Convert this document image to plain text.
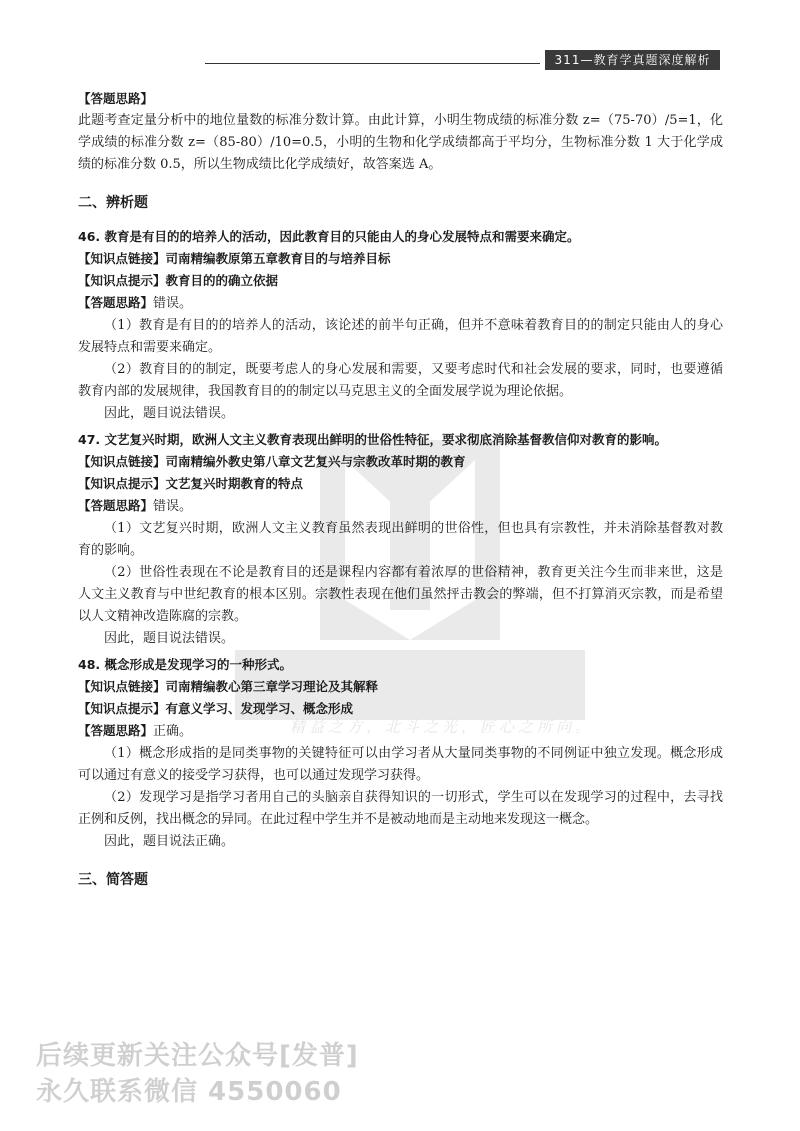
311—教育学真题深度解析
精益之方，北斗之光，匠心之所向。
【答题思路】

此题考查定量分析中的地位量数的标准分数计算。由此计算，小明生物成绩的标准分数 z=（75-70）/5=1，化学成绩的标准分数 z=（85-80）/10=0.5，小明的生物和化学成绩都高于平均分，生物标准分数 1 大于化学成绩的标准分数 0.5，所以生物成绩比化学成绩好，故答案选 A。

二、辨析题

46. 教育是有目的的培养人的活动，因此教育目的只能由人的身心发展特点和需要来确定。

【知识点链接】司南精编教原第五章教育目的与培养目标
【知识点提示】教育目的的确立依据
【答题思路】错误。

（1）教育是有目的的培养人的活动，该论述的前半句正确，但并不意味着教育目的的制定只能由人的身心发展特点和需要来确定。

（2）教育目的的制定，既要考虑人的身心发展和需要，又要考虑时代和社会发展的要求，同时，也要遵循教育内部的发展规律，我国教育目的的制定以马克思主义的全面发展学说为理论依据。

因此，题目说法错误。

47. 文艺复兴时期，欧洲人文主义教育表现出鲜明的世俗性特征，要求彻底消除基督教信仰对教育的影响。

【知识点链接】司南精编外教史第八章文艺复兴与宗教改革时期的教育
【知识点提示】文艺复兴时期教育的特点
【答题思路】错误。

（1）文艺复兴时期，欧洲人文主义教育虽然表现出鲜明的世俗性，但也具有宗教性，并未消除基督教对教育的影响。

（2）世俗性表现在不论是教育目的还是课程内容都有着浓厚的世俗精神，教育更关注今生而非来世，这是人文主义教育与中世纪教育的根本区别。宗教性表现在他们虽然抨击教会的弊端，但不打算消灭宗教，而是希望以人文精神改造陈腐的宗教。

因此，题目说法错误。

48. 概念形成是发现学习的一种形式。

【知识点链接】司南精编教心第三章学习理论及其解释
【知识点提示】有意义学习、发现学习、概念形成
【答题思路】正确。

（1）概念形成指的是同类事物的关键特征可以由学习者从大量同类事物的不同例证中独立发现。概念形成可以通过有意义的接受学习获得，也可以通过发现学习获得。

（2）发现学习是指学习者用自己的头脑亲自获得知识的一切形式，学生可以在发现学习的过程中，去寻找正例和反例，找出概念的异同。在此过程中学生并不是被动地而是主动地来发现这一概念。

因此，题目说法正确。

三、简答题
后续更新关注公众号[发普]
永久联系微信 4550060
